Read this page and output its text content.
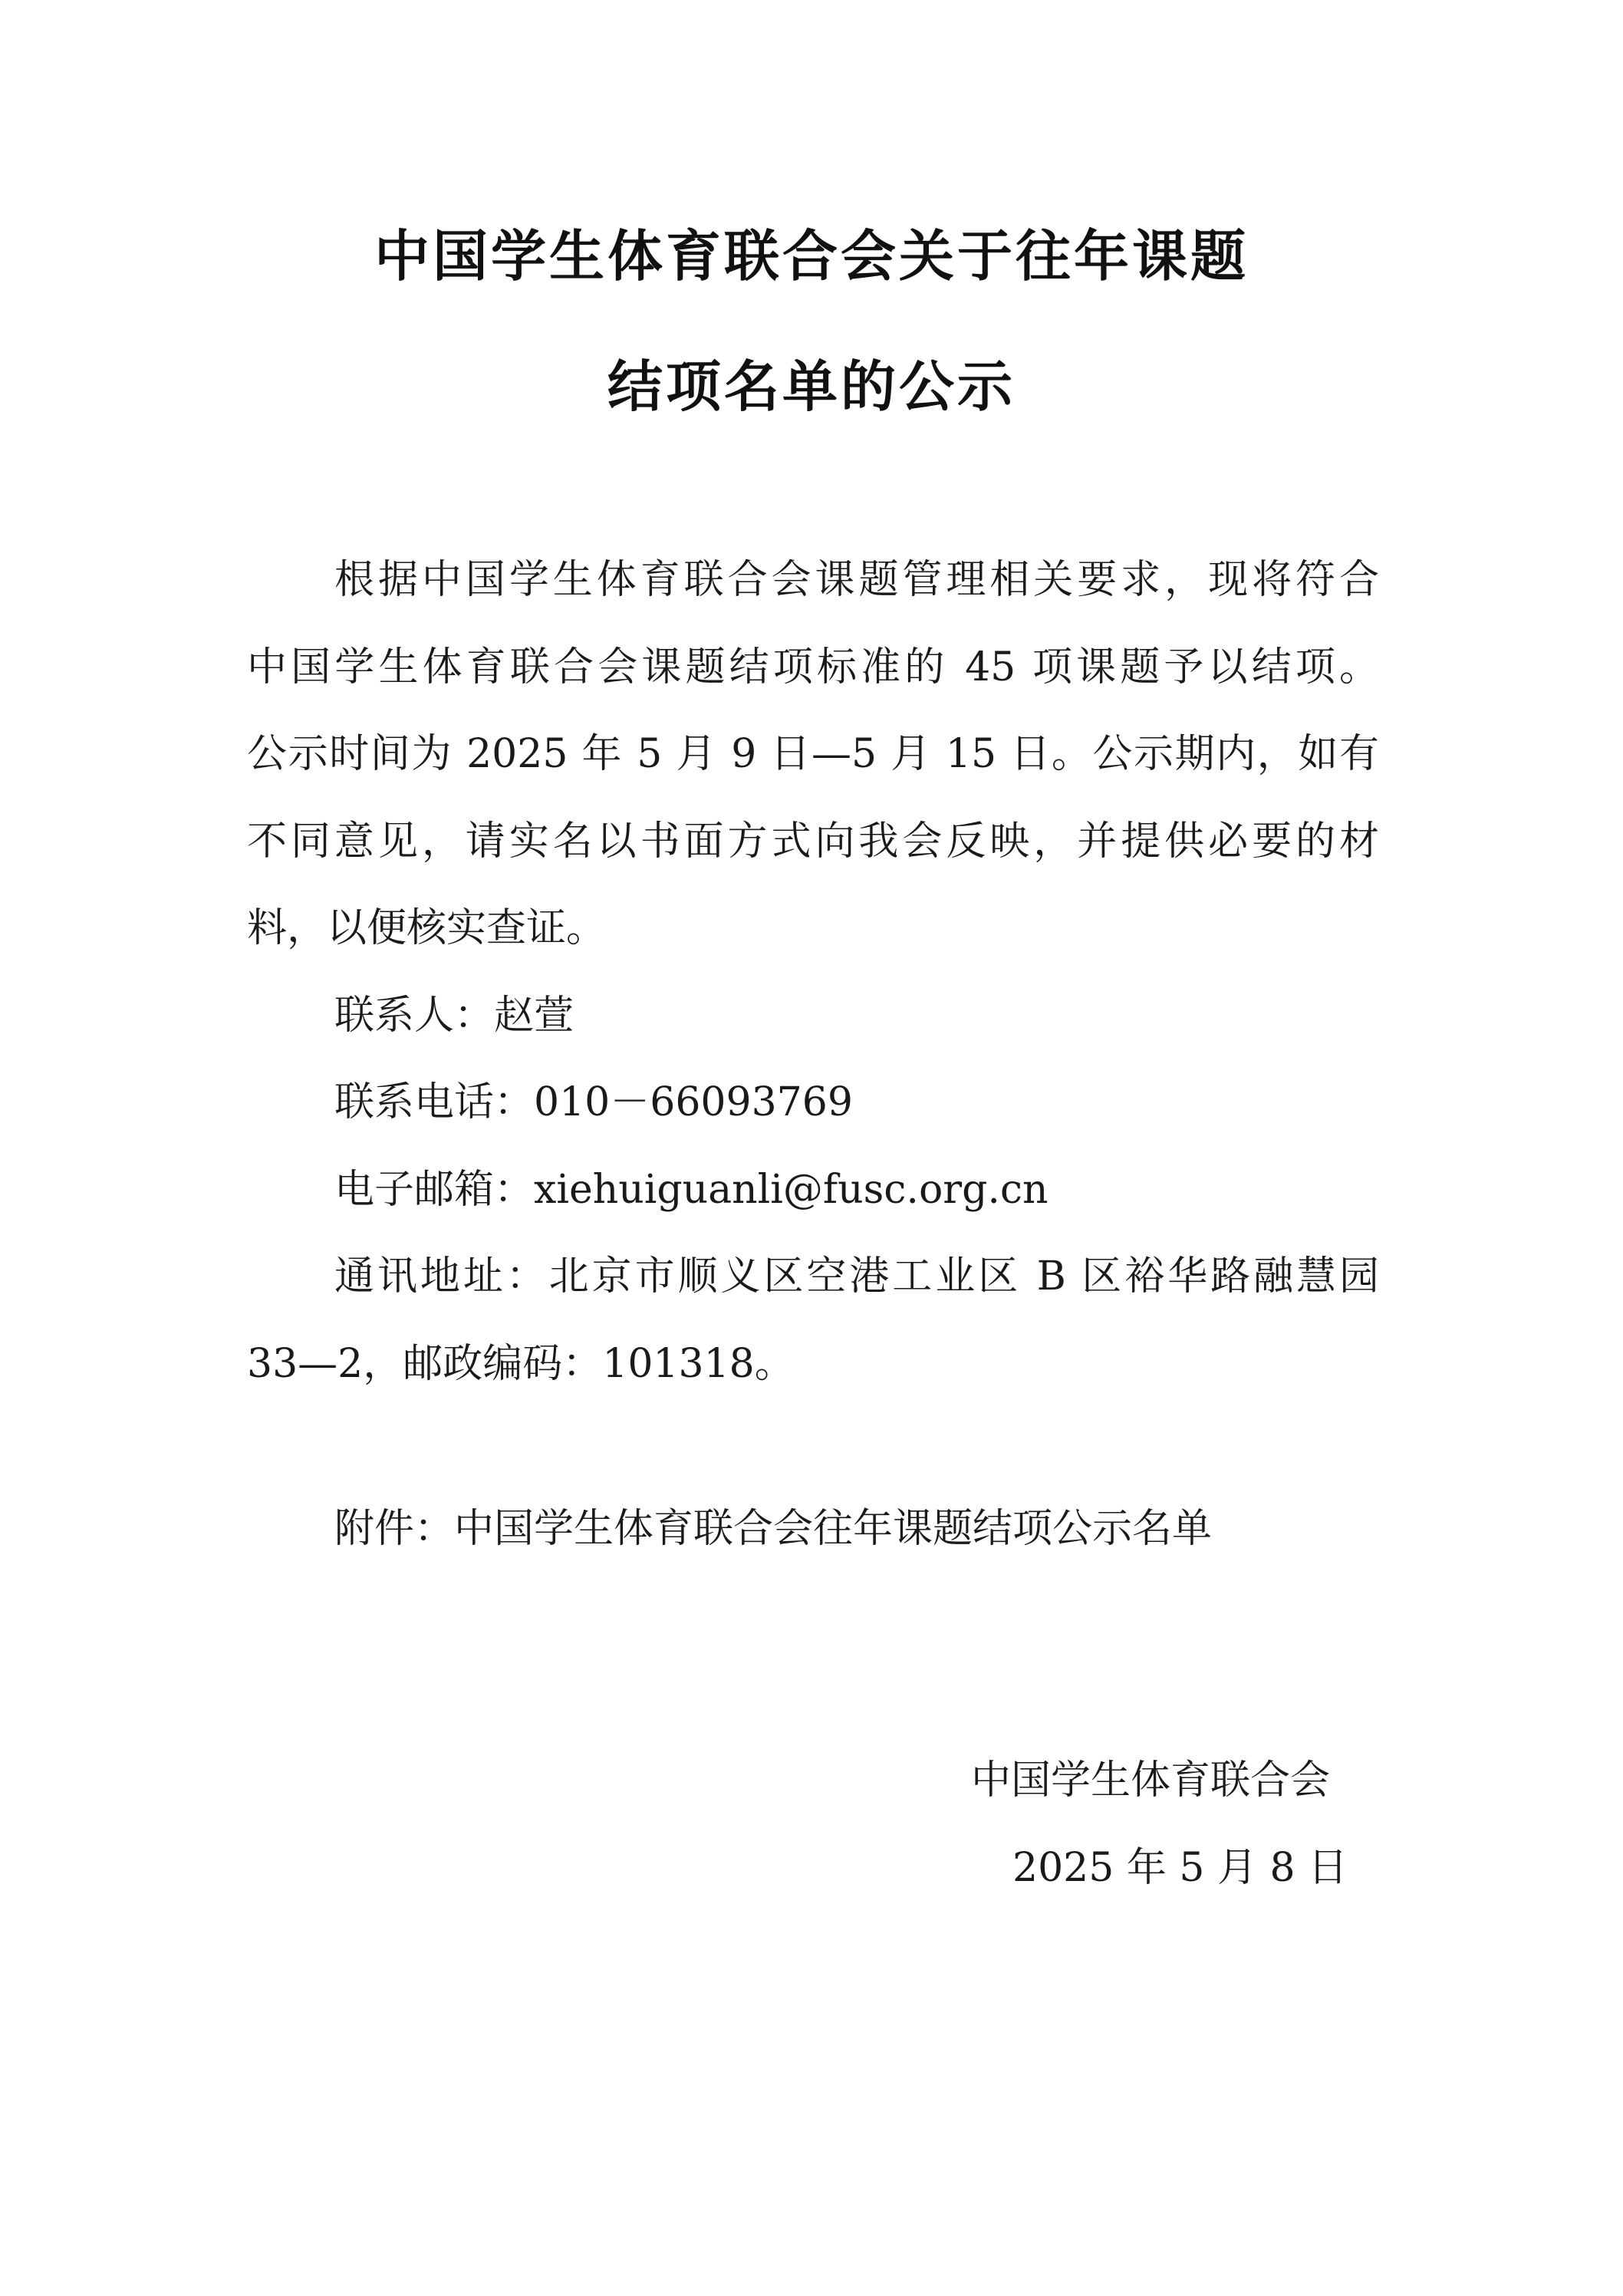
中国学生体育联合会关于往年课题
结项名单的公示
根据中国学生体育联合会课题管理相关要求，现将符合
中国学生体育联合会课题结项标准的 45 项课题予以结项。
公示时间为 2025 年 5 月 9 日—5 月 15 日。公示期内，如有
不同意见，请实名以书面方式向我会反映，并提供必要的材
料，以便核实查证。
联系人：赵萱
联系电话：010－66093769
电子邮箱：xiehuiguanli@fusc.org.cn
通讯地址：北京市顺义区空港工业区 B 区裕华路融慧园
33—2，邮政编码：101318。
附件：中国学生体育联合会往年课题结项公示名单
中国学生体育联合会
2025 年 5 月 8 日
